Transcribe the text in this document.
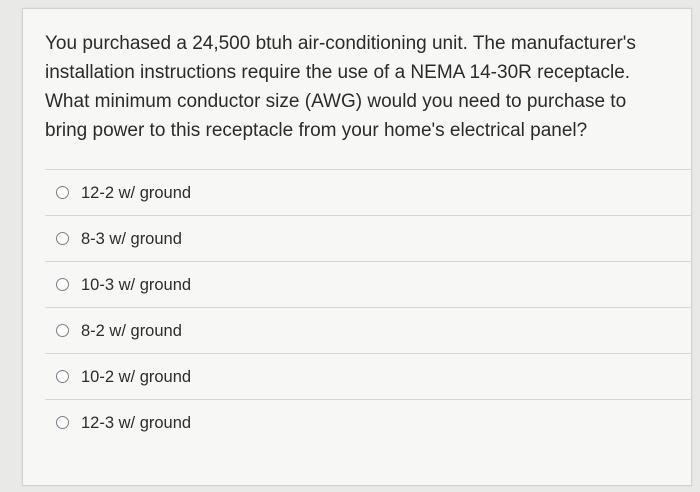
You purchased a 24,500 btuh air-conditioning unit. The manufacturer's installation instructions require the use of a NEMA 14-30R receptacle. What minimum conductor size (AWG) would you need to purchase to bring power to this receptacle from your home's electrical panel?

12-2 w/ ground
8-3 w/ ground
10-3 w/ ground
8-2 w/ ground
10-2 w/ ground
12-3 w/ ground
